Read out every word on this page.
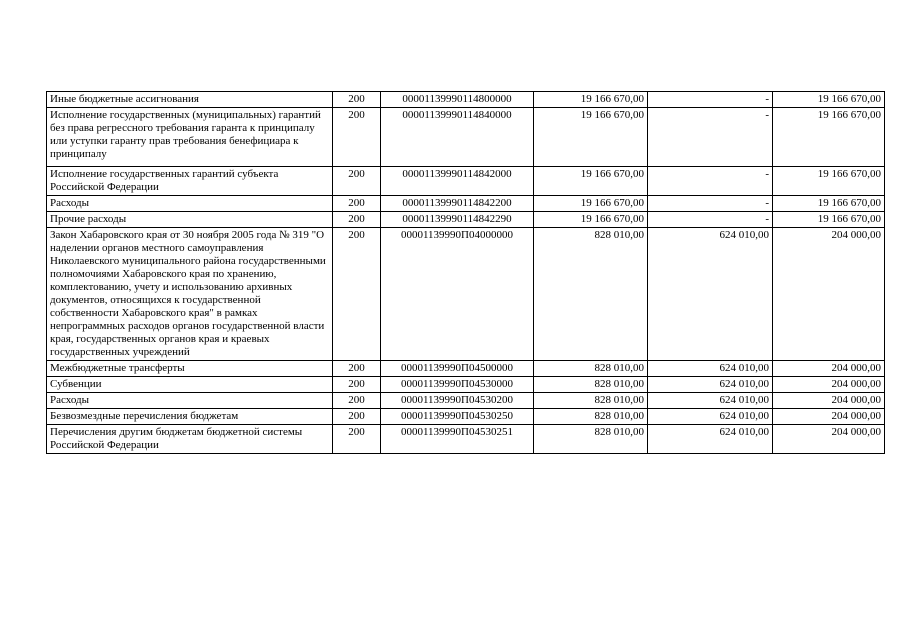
Иные бюджетные ассигнования	200	00001139990114800000	19 166 670,00	-	19 166 670,00
Исполнение государственных (муниципальных) гарантий без права регрессного требования гаранта к принципалу или уступки гаранту прав требования бенефициара к принципалу	200	00001139990114840000	19 166 670,00	-	19 166 670,00
Исполнение государственных гарантий субъекта Российской Федерации	200	00001139990114842000	19 166 670,00	-	19 166 670,00
Расходы	200	00001139990114842200	19 166 670,00	-	19 166 670,00
Прочие расходы	200	00001139990114842290	19 166 670,00	-	19 166 670,00
Закон Хабаровского края от 30 ноября 2005 года № 319 "О наделении органов местного самоуправления Николаевского муниципального района государственными полномочиями Хабаровского края по хранению, комплектованию, учету и использованию архивных документов, относящихся к государственной собственности Хабаровского края" в рамках непрограммных расходов органов государственной власти края, государственных органов края и краевых государственных учреждений	200	00001139990П04000000	828 010,00	624 010,00	204 000,00
Межбюджетные трансферты	200	00001139990П04500000	828 010,00	624 010,00	204 000,00
Субвенции	200	00001139990П04530000	828 010,00	624 010,00	204 000,00
Расходы	200	00001139990П04530200	828 010,00	624 010,00	204 000,00
Безвозмездные перечисления бюджетам	200	00001139990П04530250	828 010,00	624 010,00	204 000,00
Перечисления другим бюджетам бюджетной системы Российской Федерации	200	00001139990П04530251	828 010,00	624 010,00	204 000,00
